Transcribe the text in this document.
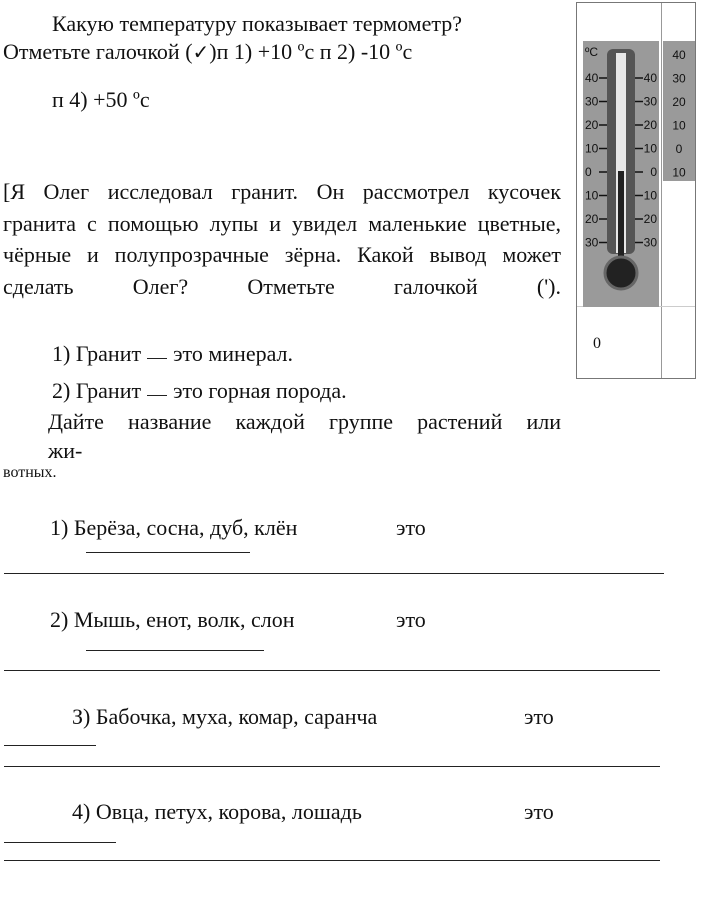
Какую температуру показывает термометр?
Отметьте галочкой (✓)п 1) +10 ºс п 2) -10 ºс
п 4) +50 ºс
ºC
40
30
20
10
0
10
20
30
40
30
20
10
0
10
20
30
40
30
20
10
0
10
0
[Я Олег исследовал гранит. Он рассмотрел кусочек гранита с помощью лупы и увидел маленькие цветные, чёрные и полупрозрачные зёрна. Какой вывод может сделать Олег? Отметьте галочкой (').
1) Гранит это минерал.
2) Гранит это горная порода.
Дайте название каждой группе растений или
жи-
вотных.
1) Берёза, сосна, дуб, клён	это
2) Мышь, енот, волк, слон	это
З) Бабочка, муха, комар, саранча	это
4) Овца, петух, корова, лошадь	это
